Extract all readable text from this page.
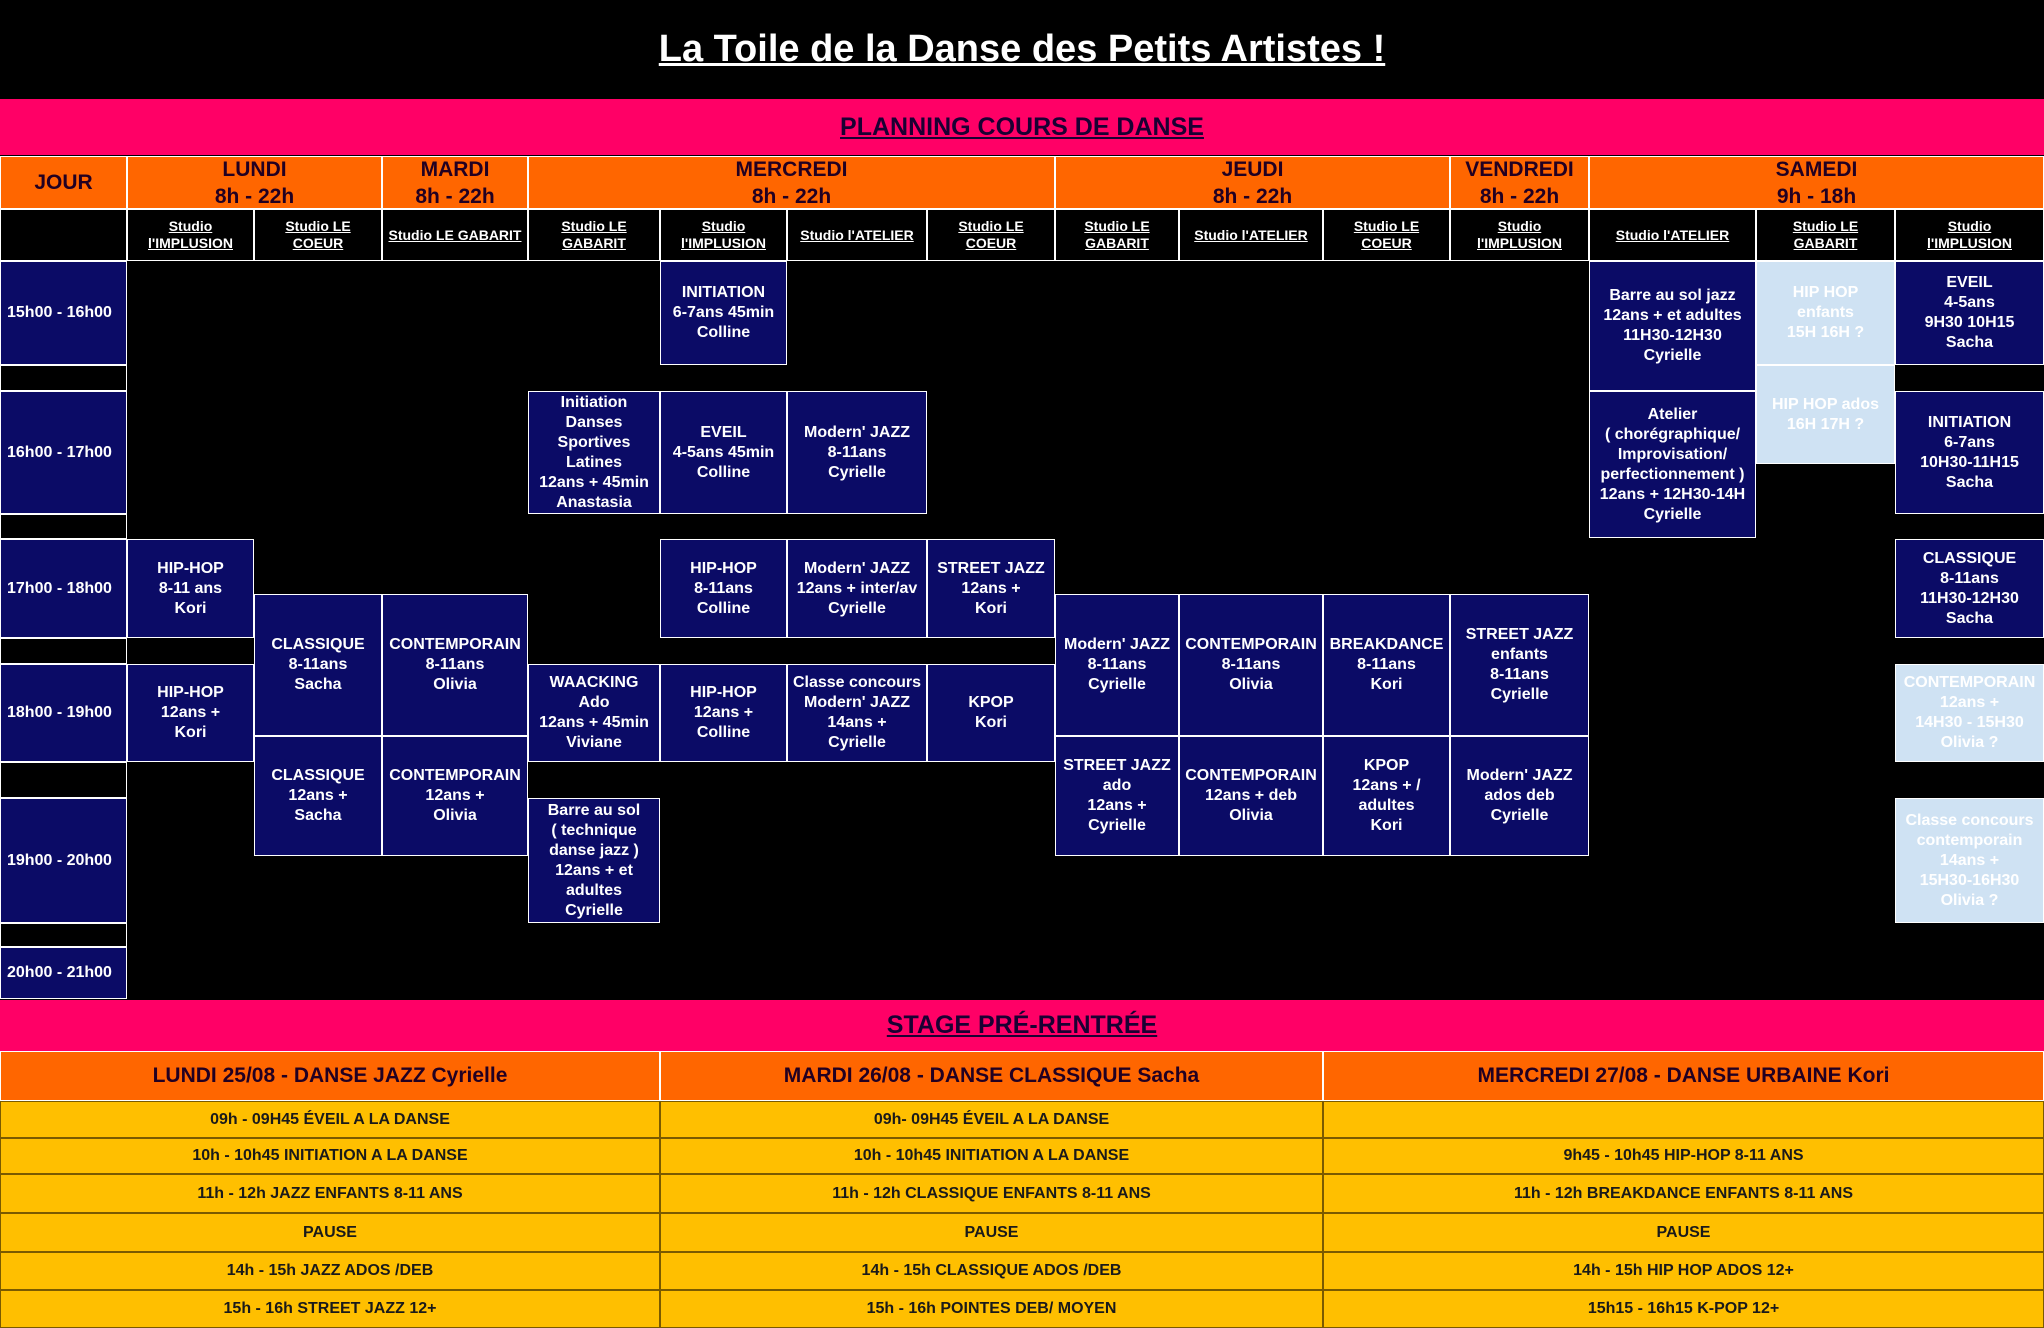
La Toile de la Danse des Petits Artistes !
PLANNING COURS DE DANSE
JOUR
LUNDI
8h - 22h
MARDI
8h - 22h
MERCREDI
8h - 22h
JEUDI
8h - 22h
VENDREDI
8h - 22h
SAMEDI
9h - 18h
Studio
l'IMPLUSION
Studio LE
COEUR
Studio LE GABARIT
Studio LE
GABARIT
Studio
l'IMPLUSION
Studio l'ATELIER
Studio LE
COEUR
Studio LE
GABARIT
Studio l'ATELIER
Studio LE
COEUR
Studio
l'IMPLUSION
Studio l'ATELIER
Studio LE
GABARIT
Studio
l'IMPLUSION
15h00 - 16h00
16h00 - 17h00
17h00 - 18h00
18h00 - 19h00
19h00 - 20h00
20h00 - 21h00
INITIATION
6-7ans 45min
Colline
Barre au sol jazz
12ans + et adultes
11H30-12H30
Cyrielle
HIP HOP
enfants
15H 16H ?
EVEIL
4-5ans
9H30 10H15
Sacha
Initiation
Danses
Sportives
Latines
12ans + 45min
Anastasia
EVEIL
4-5ans 45min
Colline
Modern' JAZZ
8-11ans
Cyrielle
HIP HOP ados
16H 17H ?
Atelier
( chorégraphique/
Improvisation/
perfectionnement )
12ans + 12H30-14H
Cyrielle
INITIATION
6-7ans
10H30-11H15
Sacha
HIP-HOP
8-11 ans
Kori
HIP-HOP
8-11ans
Colline
Modern' JAZZ
12ans + inter/av
Cyrielle
STREET JAZZ
12ans +
Kori
CLASSIQUE
8-11ans
11H30-12H30
Sacha
CLASSIQUE
8-11ans
Sacha
CONTEMPORAIN
8-11ans
Olivia
Modern' JAZZ
8-11ans
Cyrielle
CONTEMPORAIN
8-11ans
Olivia
BREAKDANCE
8-11ans
Kori
STREET JAZZ
enfants
8-11ans
Cyrielle
HIP-HOP
12ans +
Kori
WAACKING
Ado
12ans + 45min
Viviane
HIP-HOP
12ans +
Colline
Classe concours
Modern' JAZZ
14ans +
Cyrielle
KPOP
Kori
CONTEMPORAIN
12ans +
14H30 - 15H30
Olivia ?
CLASSIQUE
12ans +
Sacha
CONTEMPORAIN
12ans +
Olivia
STREET JAZZ
ado
12ans +
Cyrielle
CONTEMPORAIN
12ans + deb
Olivia
KPOP
12ans + /
adultes
Kori
Modern' JAZZ
ados deb
Cyrielle
Barre au sol
( technique
danse jazz )
12ans + et
adultes
Cyrielle
Classe concours
contemporain
14ans +
15H30-16H30
Olivia ?
STAGE PRÉ-RENTRÉE
LUNDI 25/08 - DANSE JAZZ Cyrielle	MARDI 26/08 - DANSE CLASSIQUE Sacha	MERCREDI 27/08 - DANSE URBAINE Kori
09h - 09H45 ÉVEIL A LA DANSE
10h - 10h45 INITIATION A LA DANSE
11h - 12h JAZZ ENFANTS 8-11 ANS
PAUSE
14h - 15h JAZZ ADOS /DEB
15h - 16h STREET JAZZ 12+
09h- 09H45 ÉVEIL A LA DANSE
10h - 10h45 INITIATION A LA DANSE
11h - 12h CLASSIQUE ENFANTS 8-11 ANS
PAUSE
14h - 15h CLASSIQUE ADOS /DEB
15h - 16h POINTES DEB/ MOYEN
9h45 - 10h45 HIP-HOP 8-11 ANS
11h - 12h BREAKDANCE ENFANTS 8-11 ANS
PAUSE
14h - 15h HIP HOP ADOS 12+
15h15 - 16h15 K-POP 12+
